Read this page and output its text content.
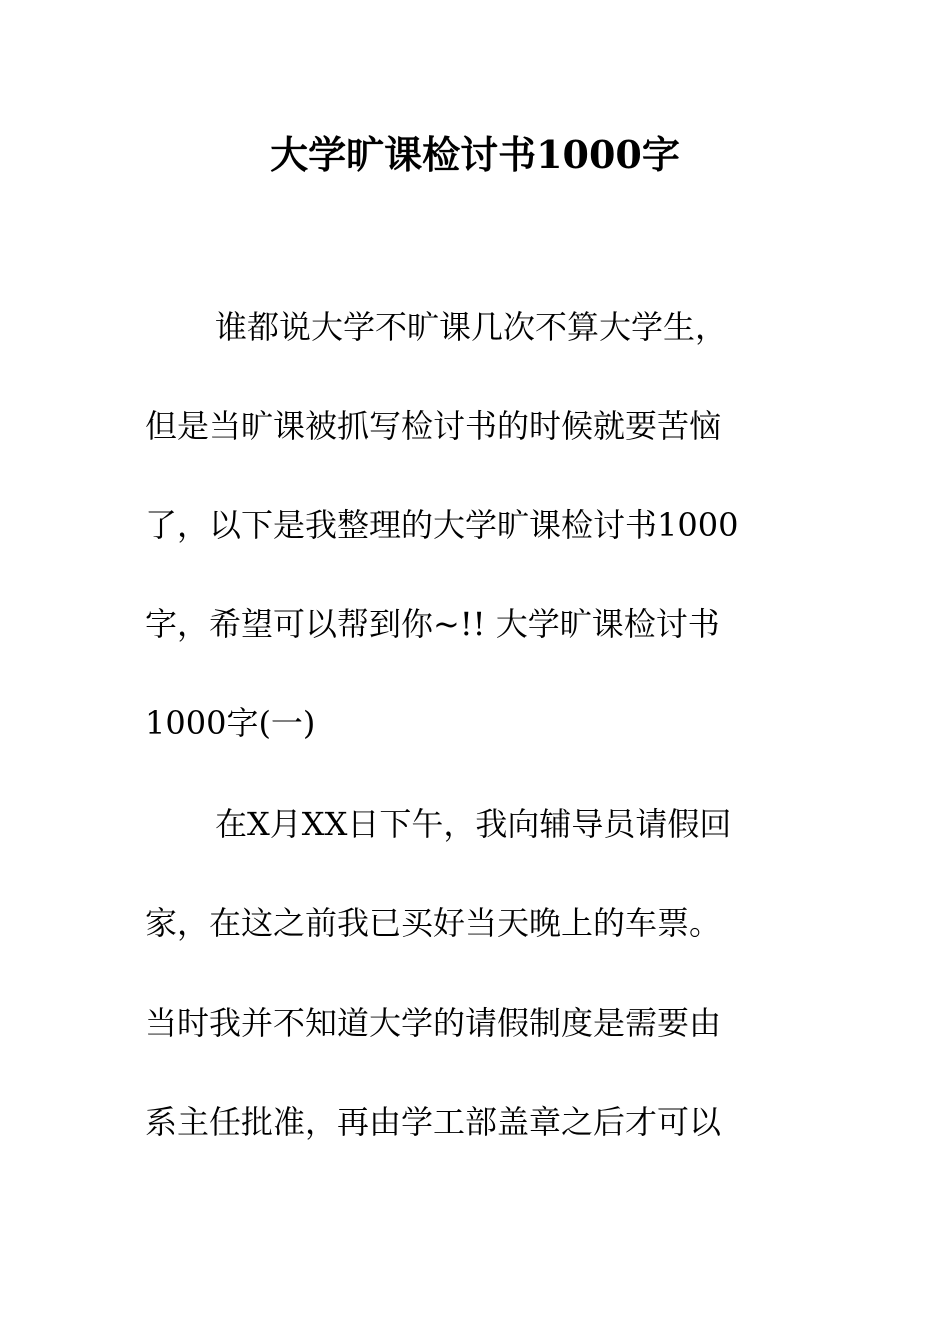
大学旷课检讨书1000字

谁都说大学不旷课几次不算大学生，

但是当旷课被抓写检讨书的时候就要苦恼

了，以下是我整理的大学旷课检讨书1000

字，希望可以帮到你~!! 大学旷课检讨书

1000字(一)

在X月XX日下午，我向辅导员请假回

家，在这之前我已买好当天晚上的车票。

当时我并不知道大学的请假制度是需要由

系主任批准，再由学工部盖章之后才可以
